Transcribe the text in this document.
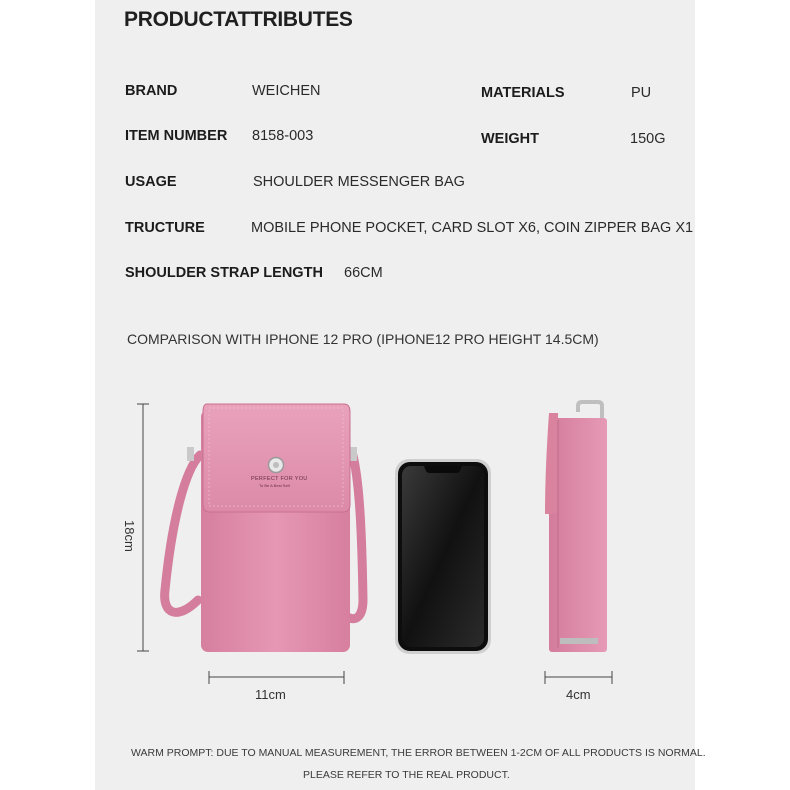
PRODUCTATTRIBUTES
BRAND	WEICHEN	MATERIALS	PU
ITEM NUMBER 8158-003	WEIGHT	150G
USAGE	SHOULDER MESSENGER BAG
TRUCTURE	MOBILE PHONE POCKET, CARD SLOT X6, COIN ZIPPER BAG X1
SHOULDER STRAP LENGTH 66CM
COMPARISON WITH IPHONE 12 PRO (IPHONE12 PRO HEIGHT 14.5CM)
18cm
11cm	4cm
PERFECT FOR YOU
To Be A Best Self
WARM PROMPT: DUE TO MANUAL MEASUREMENT, THE ERROR BETWEEN 1-2CM OF ALL PRODUCTS IS NORMAL.
PLEASE REFER TO THE REAL PRODUCT.
